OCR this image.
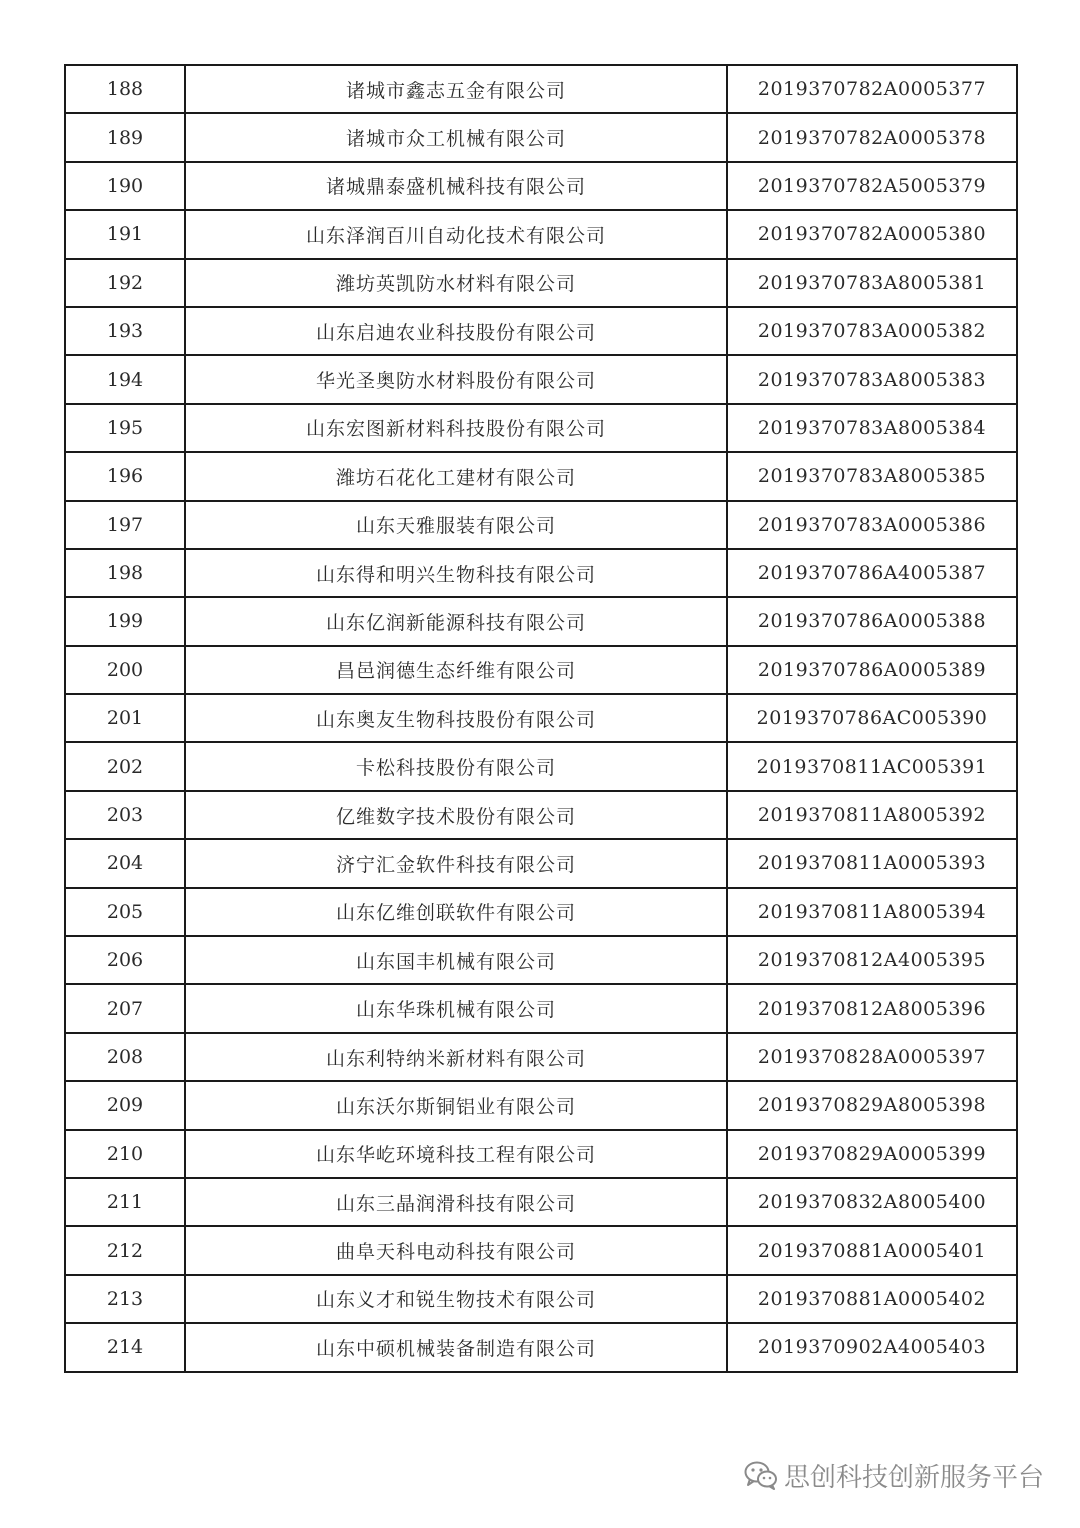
188	诸城市鑫志五金有限公司	2019370782A0005377
189	诸城市众工机械有限公司	2019370782A0005378
190	诸城鼎泰盛机械科技有限公司	2019370782A5005379
191	山东泽润百川自动化技术有限公司	2019370782A0005380
192	潍坊英凯防水材料有限公司	2019370783A8005381
193	山东启迪农业科技股份有限公司	2019370783A0005382
194	华光圣奥防水材料股份有限公司	2019370783A8005383
195	山东宏图新材料科技股份有限公司	2019370783A8005384
196	潍坊石花化工建材有限公司	2019370783A8005385
197	山东天雅服装有限公司	2019370783A0005386
198	山东得和明兴生物科技有限公司	2019370786A4005387
199	山东亿润新能源科技有限公司	2019370786A0005388
200	昌邑润德生态纤维有限公司	2019370786A0005389
201	山东奥友生物科技股份有限公司	2019370786AC005390
202	卡松科技股份有限公司	2019370811AC005391
203	亿维数字技术股份有限公司	2019370811A8005392
204	济宁汇金软件科技有限公司	2019370811A0005393
205	山东亿维创联软件有限公司	2019370811A8005394
206	山东国丰机械有限公司	2019370812A4005395
207	山东华珠机械有限公司	2019370812A8005396
208	山东利特纳米新材料有限公司	2019370828A0005397
209	山东沃尔斯铜铝业有限公司	2019370829A8005398
210	山东华屹环境科技工程有限公司	2019370829A0005399
211	山东三晶润滑科技有限公司	2019370832A8005400
212	曲阜天科电动科技有限公司	2019370881A0005401
213	山东义才和锐生物技术有限公司	2019370881A0005402
214	山东中硕机械装备制造有限公司	2019370902A4005403
思创科技创新服务平台
